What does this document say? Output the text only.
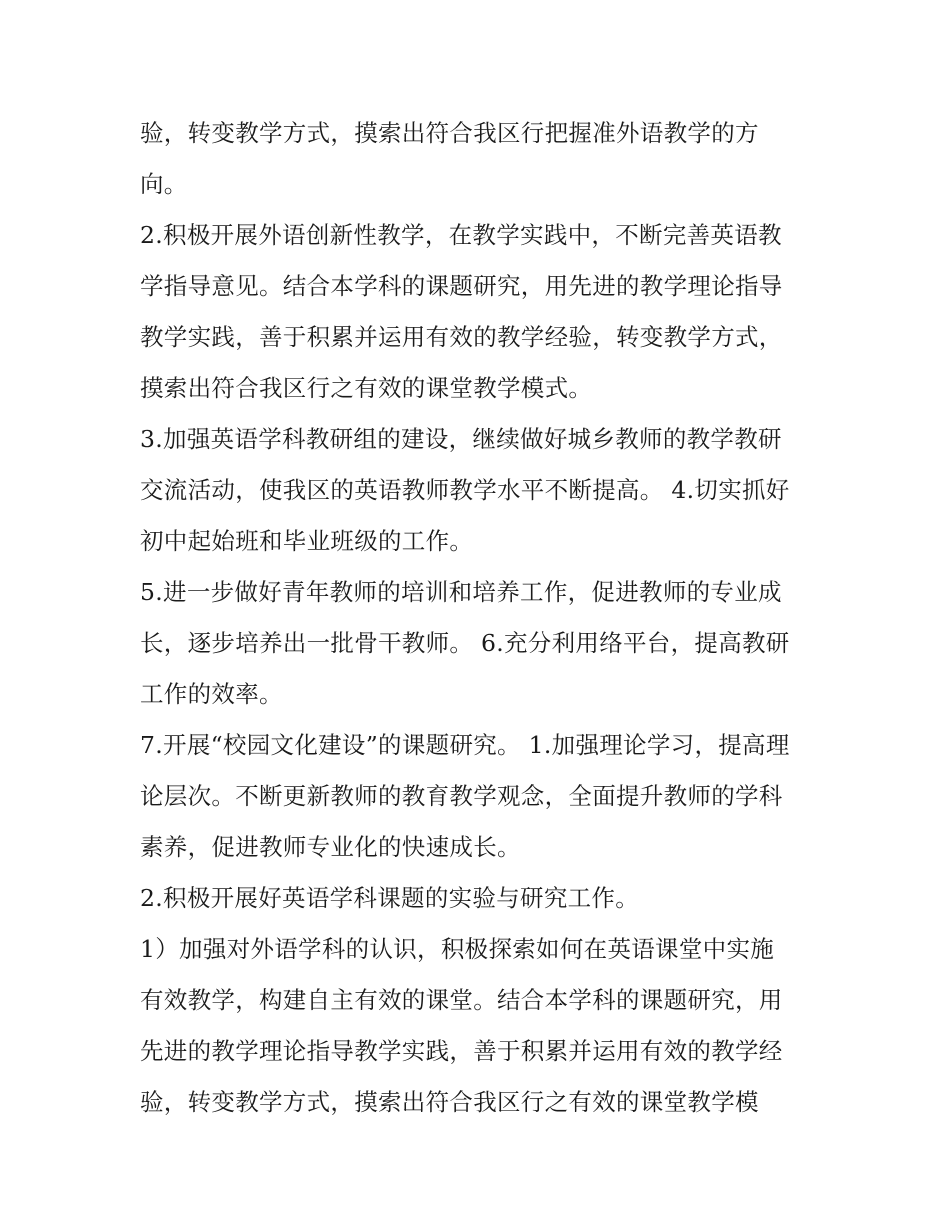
验，转变教学方式，摸索出符合我区行把握准外语教学的方
向。
2.积极开展外语创新性教学，在教学实践中，不断完善英语教
学指导意见。结合本学科的课题研究，用先进的教学理论指导
教学实践，善于积累并运用有效的教学经验，转变教学方式，
摸索出符合我区行之有效的课堂教学模式。
3.加强英语学科教研组的建设，继续做好城乡教师的教学教研
交流活动，使我区的英语教师教学水平不断提高。 4.切实抓好
初中起始班和毕业班级的工作。
5.进一步做好青年教师的培训和培养工作，促进教师的专业成
长，逐步培养出一批骨干教师。 6.充分利用络平台，提高教研
工作的效率。
7.开展“校园文化建设”的课题研究。 1.加强理论学习，提高理
论层次。不断更新教师的教育教学观念，全面提升教师的学科
素养，促进教师专业化的快速成长。
2.积极开展好英语学科课题的实验与研究工作。
1）加强对外语学科的认识，积极探索如何在英语课堂中实施
有效教学，构建自主有效的课堂。结合本学科的课题研究，用
先进的教学理论指导教学实践，善于积累并运用有效的教学经
验，转变教学方式，摸索出符合我区行之有效的课堂教学模
